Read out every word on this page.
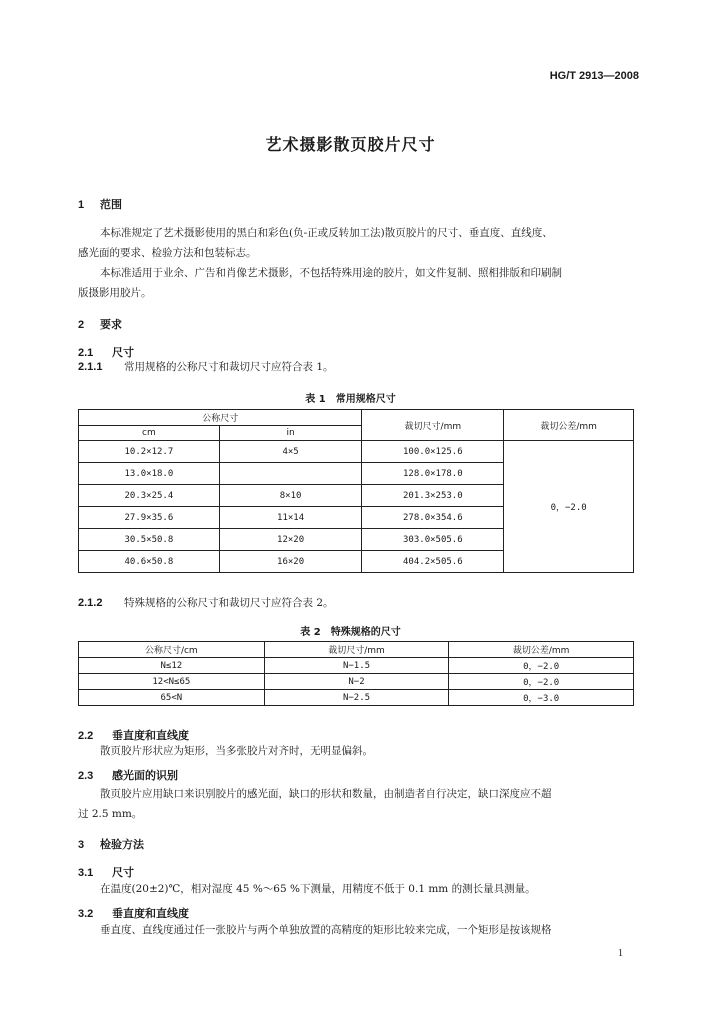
HG/T 2913—2008
艺术摄影散页胶片尺寸
1 范围
本标准规定了艺术摄影使用的黑白和彩色(负-正或反转加工法)散页胶片的尺寸、垂直度、直线度、
感光面的要求、检验方法和包装标志。
本标准适用于业余、广告和肖像艺术摄影，不包括特殊用途的胶片，如文件复制、照相排版和印刷制
版摄影用胶片。
2 要求
2.1 尺寸
2.1.1 常用规格的公称尺寸和裁切尺寸应符合表 1。
表 1　常用规格尺寸
公称尺寸		裁切尺寸/mm	裁切公差/mm
cm	in		
10.2×12.7	4×5	100.0×125.6	0，−2.0
13.0×18.0		128.0×178.0	
20.3×25.4	8×10	201.3×253.0	
27.9×35.6	11×14	278.0×354.6	
30.5×50.8	12×20	303.0×505.6	
40.6×50.8	16×20	404.2×505.6	
2.1.2 特殊规格的公称尺寸和裁切尺寸应符合表 2。
表 2　特殊规格的尺寸
公称尺寸/cm	裁切尺寸/mm	裁切公差/mm
N≤12	N−1.5	0，−2.0
12<N≤65	N−2	0，−2.0
65<N	N−2.5	0，−3.0
2.2 垂直度和直线度
散页胶片形状应为矩形，当多张胶片对齐时，无明显偏斜。
2.3 感光面的识别
散页胶片应用缺口来识别胶片的感光面，缺口的形状和数量，由制造者自行决定，缺口深度应不超
过 2.5 mm。
3 检验方法
3.1 尺寸
在温度(20±2)℃，相对湿度 45 %～65 %下测量，用精度不低于 0.1 mm 的测长量具测量。
3.2 垂直度和直线度
垂直度、直线度通过任一张胶片与两个单独放置的高精度的矩形比较来完成，一个矩形是按该规格
1
